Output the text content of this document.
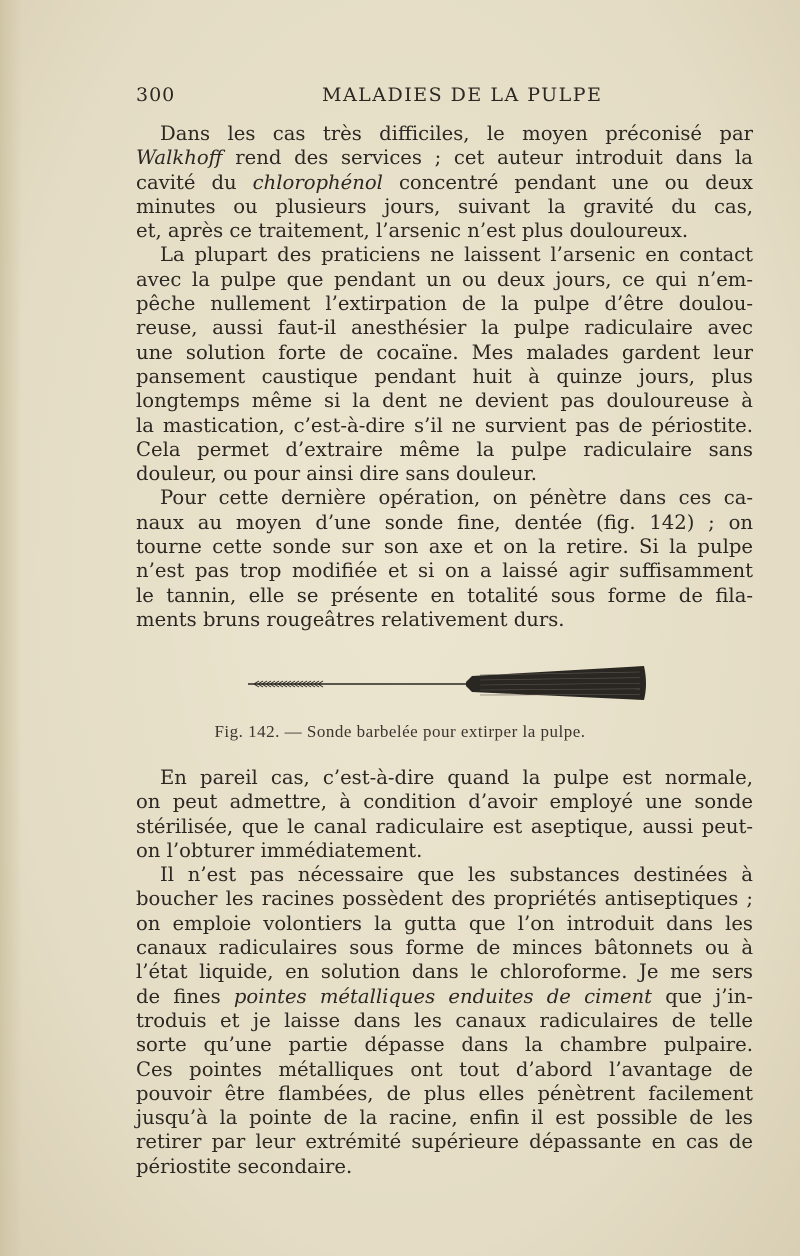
300	MALADIES DE LA PULPE
Dans les cas très difficiles, le moyen préconisé par
Walkhoff rend des services ; cet auteur introduit dans la
cavité du chlorophénol concentré pendant une ou deux
minutes ou plusieurs jours, suivant la gravité du cas,
et, après ce traitement, l’arsenic n’est plus douloureux.
La plupart des praticiens ne laissent l’arsenic en contact
avec la pulpe que pendant un ou deux jours, ce qui n’em-
pêche nullement l’extirpation de la pulpe d’être doulou-
reuse, aussi faut-il anesthésier la pulpe radiculaire avec
une solution forte de cocaïne. Mes malades gardent leur
pansement caustique pendant huit à quinze jours, plus
longtemps même si la dent ne devient pas douloureuse à
la mastication, c’est-à-dire s’il ne survient pas de périostite.
Cela permet d’extraire même la pulpe radiculaire sans
douleur, ou pour ainsi dire sans douleur.
Pour cette dernière opération, on pénètre dans ces ca-
naux au moyen d’une sonde fine, dentée (fig. 142) ; on
tourne cette sonde sur son axe et on la retire. Si la pulpe
n’est pas trop modifiée et si on a laissé agir suffisamment
le tannin, elle se présente en totalité sous forme de fila-
ments bruns rougeâtres relativement durs.
Fig. 142. — Sonde barbelée pour extirper la pulpe.
En pareil cas, c’est-à-dire quand la pulpe est normale,
on peut admettre, à condition d’avoir employé une sonde
stérilisée, que le canal radiculaire est aseptique, aussi peut-
on l’obturer immédiatement.
Il n’est pas nécessaire que les substances destinées à
boucher les racines possèdent des propriétés antiseptiques ;
on emploie volontiers la gutta que l’on introduit dans les
canaux radiculaires sous forme de minces bâtonnets ou à
l’état liquide, en solution dans le chloroforme. Je me sers
de fines pointes métalliques enduites de ciment que j’in-
troduis et je laisse dans les canaux radiculaires de telle
sorte qu’une partie dépasse dans la chambre pulpaire.
Ces pointes métalliques ont tout d’abord l’avantage de
pouvoir être flambées, de plus elles pénètrent facilement
jusqu’à la pointe de la racine, enfin il est possible de les
retirer par leur extrémité supérieure dépassante en cas de
périostite secondaire.
